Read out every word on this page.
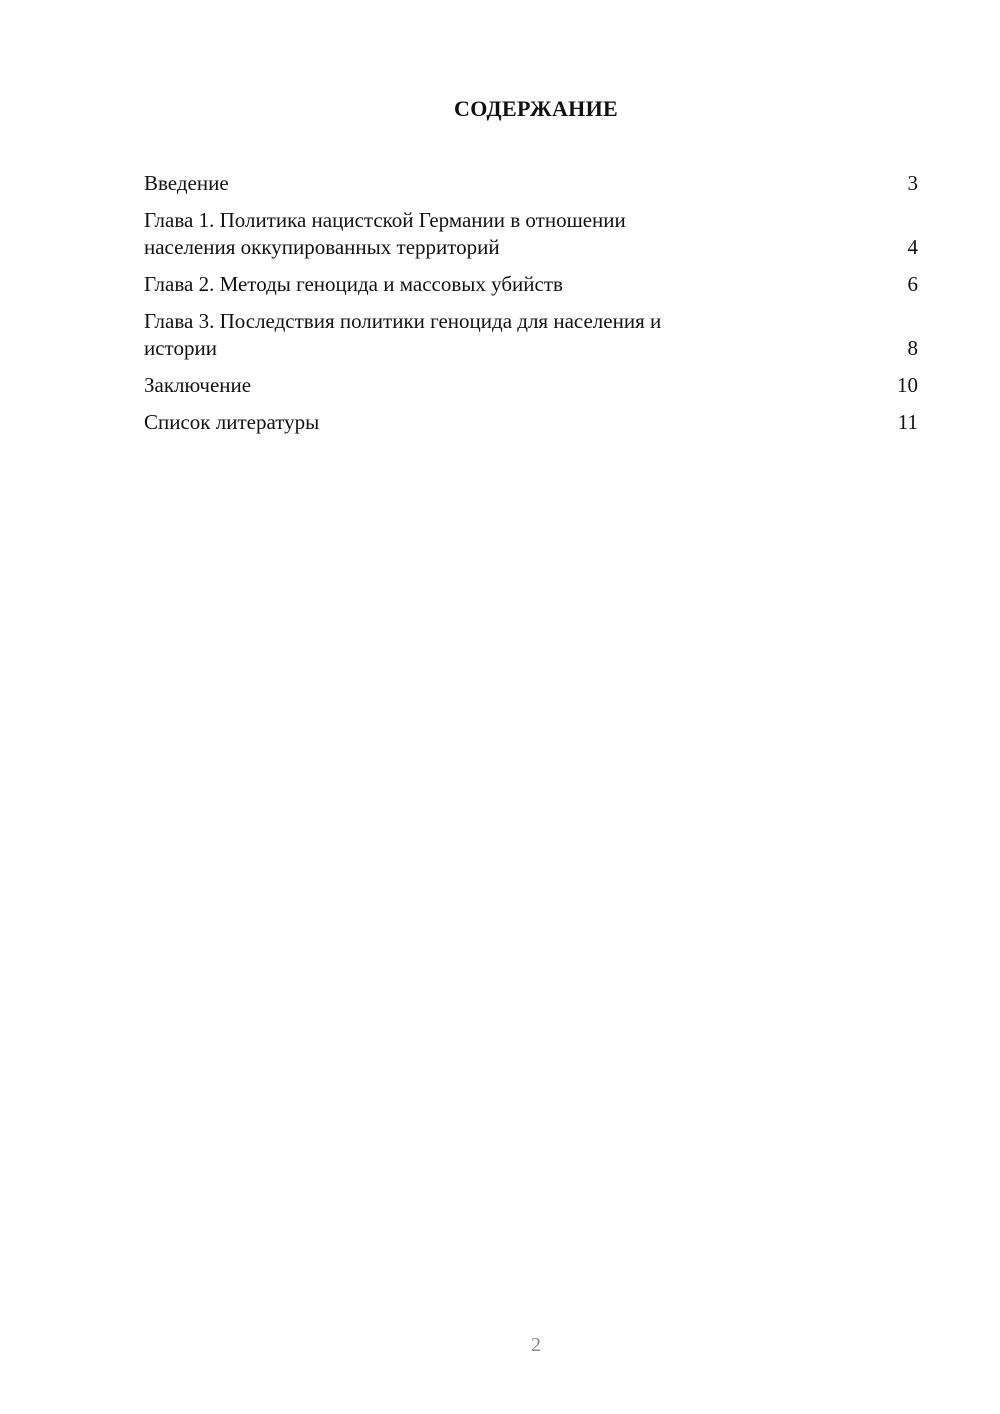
СОДЕРЖАНИЕ
Введение	3
Глава 1. Политика нацистской Германии в отношении
населения оккупированных территорий	4
Глава 2. Методы геноцида и массовых убийств	6
Глава 3. Последствия политики геноцида для населения и
истории	8
Заключение	10
Список литературы	11
2
